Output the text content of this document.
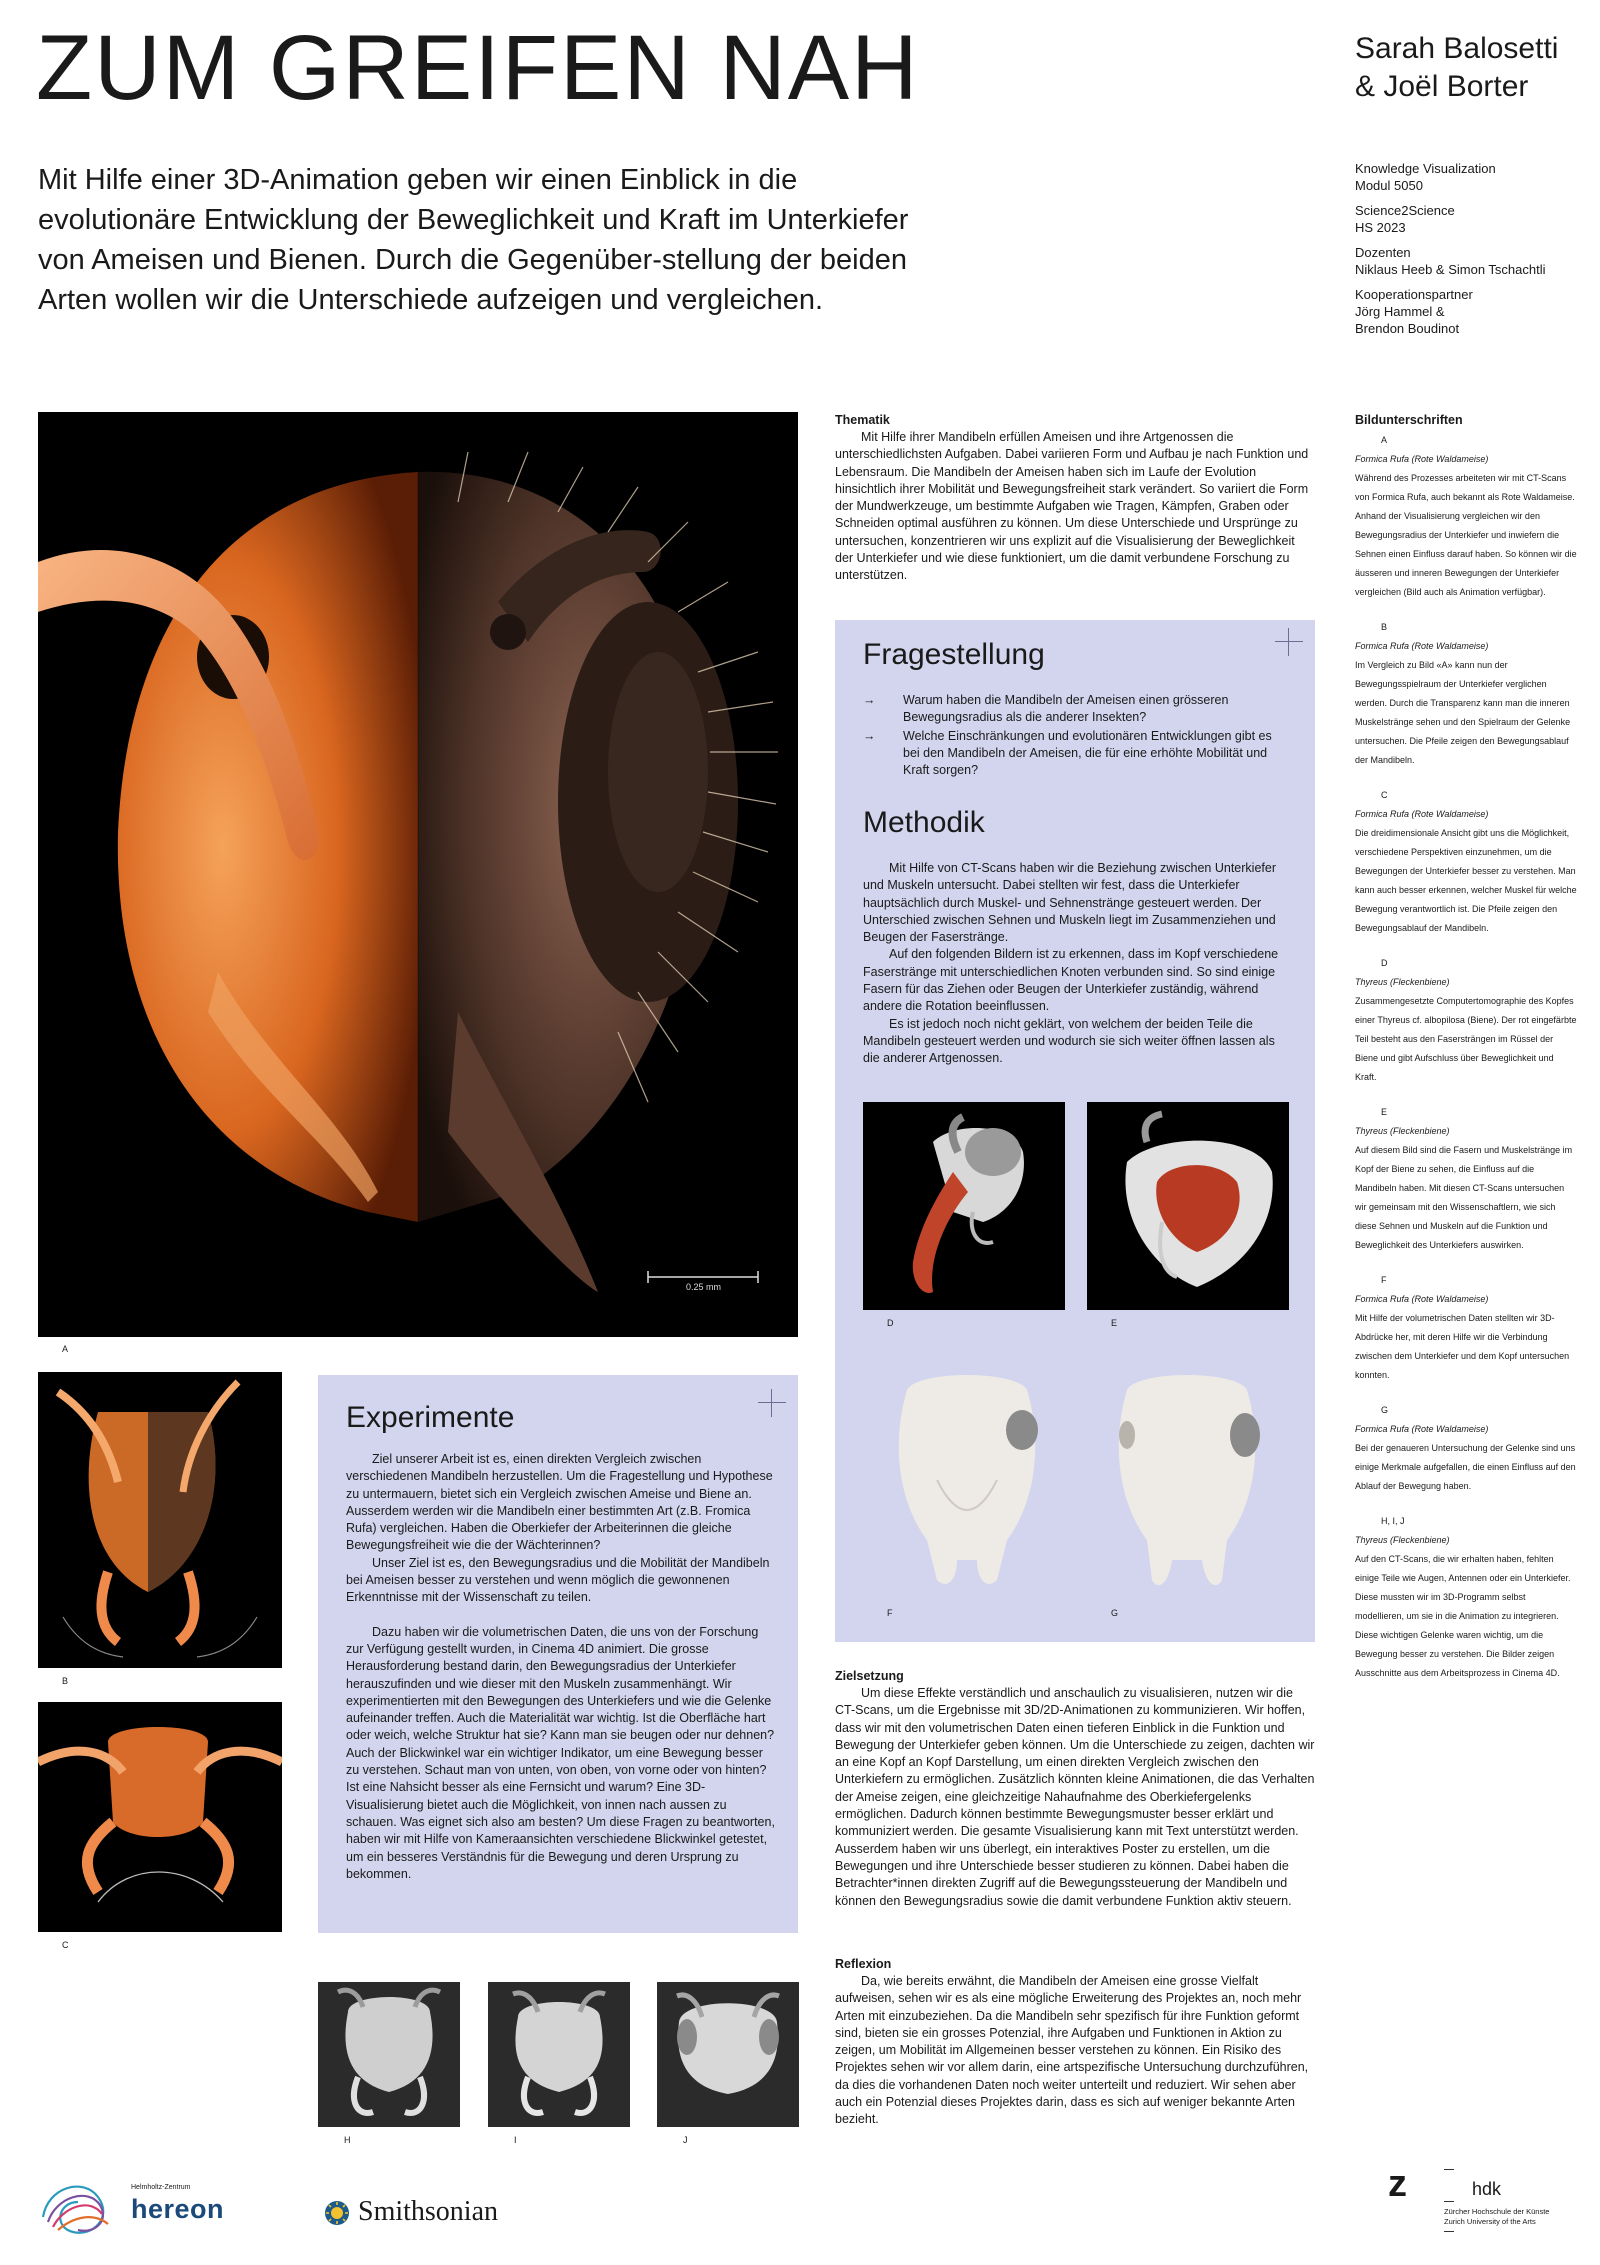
ZUM GREIFEN NAH	Sarah Balosetti
& Joël Borter

Mit Hilfe einer 3D-Animation geben wir einen Einblick in die evolutionäre Entwicklung der Beweglichkeit und Kraft im Unterkiefer von Ameisen und Bienen. Durch die Gegenüber-stellung der beiden Arten wollen wir die Unterschiede aufzeigen und vergleichen.

Knowledge Visualization
Modul 5050

Science2Science
HS 2023

Dozenten
Niklaus Heeb & Simon Tschachtli

Kooperationspartner
Jörg Hammel &
Brendon Boudinot

0.25 mm
A
B
C
Experimente

Ziel unserer Arbeit ist es, einen direkten Vergleich zwischen verschiedenen Mandibeln herzustellen. Um die Fragestellung und Hypothese zu untermauern, bietet sich ein Vergleich zwischen Ameise und Biene an. Ausserdem werden wir die Mandibeln einer bestimmten Art (z.B. Fromica Rufa) vergleichen. Haben die Oberkiefer der Arbeiterinnen die gleiche Bewegungsfreiheit wie die der Wächterinnen?

Unser Ziel ist es, den Bewegungsradius und die Mobilität der Mandibeln bei Ameisen besser zu verstehen und wenn möglich die gewonnenen Erkenntnisse mit der Wissenschaft zu teilen.

Dazu haben wir die volumetrischen Daten, die uns von der Forschung zur Verfügung gestellt wurden, in Cinema 4D animiert. Die grosse Herausforderung bestand darin, den Bewegungsradius der Unterkiefer herauszufinden und wie dieser mit den Muskeln zusammenhängt. Wir experimentierten mit den Bewegungen des Unterkiefers und wie die Gelenke aufeinander treffen. Auch die Materialität war wichtig. Ist die Oberfläche hart oder weich, welche Struktur hat sie? Kann man sie beugen oder nur dehnen? Auch der Blickwinkel war ein wichtiger Indikator, um eine Bewegung besser zu verstehen. Schaut man von unten, von oben, von vorne oder von hinten? Ist eine Nahsicht besser als eine Fernsicht und warum? Eine 3D-Visualisierung bietet auch die Möglichkeit, von innen nach aussen zu schauen. Was eignet sich also am besten? Um diese Fragen zu beantworten, haben wir mit Hilfe von Kameraansichten verschiedene Blickwinkel getestet, um ein besseres Verständnis für die Bewegung und deren Ursprung zu bekommen.

H	I	J
Thematik

Mit Hilfe ihrer Mandibeln erfüllen Ameisen und ihre Artgenossen die unterschiedlichsten Aufgaben. Dabei variieren Form und Aufbau je nach Funktion und Lebensraum. Die Mandibeln der Ameisen haben sich im Laufe der Evolution hinsichtlich ihrer Mobilität und Bewegungsfreiheit stark verändert. So variiert die Form der Mundwerkzeuge, um bestimmte Aufgaben wie Tragen, Kämpfen, Graben oder Schneiden optimal ausführen zu können. Um diese Unterschiede und Ursprünge zu untersuchen, konzentrieren wir uns explizit auf die Visualisierung der Beweglichkeit der Unterkiefer und wie diese funktioniert, um die damit verbundene Forschung zu unterstützen.

Fragestellung
→ Warum haben die Mandibeln der Ameisen einen grösseren Bewegungsradius als die anderer Insekten?
→ Welche Einschränkungen und evolutionären Entwicklungen gibt es bei den Mandibeln der Ameisen, die für eine erhöhte Mobilität und Kraft sorgen?
Methodik

Mit Hilfe von CT-Scans haben wir die Beziehung zwischen Unterkiefer und Muskeln untersucht. Dabei stellten wir fest, dass die Unterkiefer hauptsächlich durch Muskel- und Sehnenstränge gesteuert werden. Der Unterschied zwischen Sehnen und Muskeln liegt im Zusammenziehen und Beugen der Faserstränge.

Auf den folgenden Bildern ist zu erkennen, dass im Kopf verschiedene Faserstränge mit unterschiedlichen Knoten verbunden sind. So sind einige Fasern für das Ziehen oder Beugen der Unterkiefer zuständig, während andere die Rotation beeinflussen.

Es ist jedoch noch nicht geklärt, von welchem der beiden Teile die Mandibeln gesteuert werden und wodurch sie sich weiter öffnen lassen als die anderer Artgenossen.

D	E
F	G
Zielsetzung

Um diese Effekte verständlich und anschaulich zu visualisieren, nutzen wir die CT-Scans, um die Ergebnisse mit 3D/2D-Animationen zu kommunizieren. Wir hoffen, dass wir mit den volumetrischen Daten einen tieferen Einblick in die Funktion und Bewegung der Unterkiefer geben können. Um die Unterschiede zu zeigen, dachten wir an eine Kopf an Kopf Darstellung, um einen direkten Vergleich zwischen den Unterkiefern zu ermöglichen. Zusätzlich könnten kleine Animationen, die das Verhalten der Ameise zeigen, eine gleichzeitige Nahaufnahme des Oberkiefergelenks ermöglichen. Dadurch können bestimmte Bewegungsmuster besser erklärt und kommuniziert werden. Die gesamte Visualisierung kann mit Text unterstützt werden. Ausserdem haben wir uns überlegt, ein interaktives Poster zu erstellen, um die Bewegungen und ihre Unterschiede besser studieren zu können. Dabei haben die Betrachter*innen direkten Zugriff auf die Bewegungssteuerung der Mandibeln und können den Bewegungsradius sowie die damit verbundene Funktion aktiv steuern.

Reflexion

Da, wie bereits erwähnt, die Mandibeln der Ameisen eine grosse Vielfalt aufweisen, sehen wir es als eine mögliche Erweiterung des Projektes an, noch mehr Arten mit einzubeziehen. Da die Mandibeln sehr spezifisch für ihre Funktion geformt sind, bieten sie ein grosses Potenzial, ihre Aufgaben und Funktionen in Aktion zu zeigen, um Mobilität im Allgemeinen besser verstehen zu können. Ein Risiko des Projektes sehen wir vor allem darin, eine artspezifische Untersuchung durchzuführen, da dies die vorhandenen Daten noch weiter unterteilt und reduziert. Wir sehen aber auch ein Potenzial dieses Projektes darin, dass es sich auf weniger bekannte Arten bezieht.

Bildunterschriften
A
Formica Rufa (Rote Waldameise)
Während des Prozesses arbeiteten wir mit CT-Scans von Formica Rufa, auch bekannt als Rote Waldameise. Anhand der Visualisierung vergleichen wir den Bewegungsradius der Unterkiefer und inwiefern die Sehnen einen Einfluss darauf haben. So können wir die äusseren und inneren Bewegungen der Unterkiefer vergleichen (Bild auch als Animation verfügbar).
B
Formica Rufa (Rote Waldameise)
Im Vergleich zu Bild «A» kann nun der Bewegungsspielraum der Unterkiefer verglichen werden. Durch die Transparenz kann man die inneren Muskelstränge sehen und den Spielraum der Gelenke untersuchen. Die Pfeile zeigen den Bewegungsablauf der Mandibeln.
C
Formica Rufa (Rote Waldameise)
Die dreidimensionale Ansicht gibt uns die Möglichkeit, verschiedene Perspektiven einzunehmen, um die Bewegungen der Unterkiefer besser zu verstehen. Man kann auch besser erkennen, welcher Muskel für welche Bewegung verantwortlich ist. Die Pfeile zeigen den Bewegungsablauf der Mandibeln.
D
Thyreus (Fleckenbiene)
Zusammengesetzte Computertomographie des Kopfes einer Thyreus cf. albopilosa (Biene). Der rot eingefärbte Teil besteht aus den Fasersträngen im Rüssel der Biene und gibt Aufschluss über Beweglichkeit und Kraft.
E
Thyreus (Fleckenbiene)
Auf diesem Bild sind die Fasern und Muskelstränge im Kopf der Biene zu sehen, die Einfluss auf die Mandibeln haben. Mit diesen CT-Scans untersuchen wir gemeinsam mit den Wissenschaftlern, wie sich diese Sehnen und Muskeln auf die Funktion und Beweglichkeit des Unterkiefers auswirken.
F
Formica Rufa (Rote Waldameise)
Mit Hilfe der volumetrischen Daten stellten wir 3D-Abdrücke her, mit deren Hilfe wir die Verbindung zwischen dem Unterkiefer und dem Kopf untersuchen konnten.
G
Formica Rufa (Rote Waldameise)
Bei der genaueren Untersuchung der Gelenke sind uns einige Merkmale aufgefallen, die einen Einfluss auf den Ablauf der Bewegung haben.
H, I, J
Thyreus (Fleckenbiene)
Auf den CT-Scans, die wir erhalten haben, fehlten einige Teile wie Augen, Antennen oder ein Unterkiefer. Diese mussten wir im 3D-Programm selbst modellieren, um sie in die Animation zu integrieren. Diese wichtigen Gelenke waren wichtig, um die Bewegung besser zu verstehen. Die Bilder zeigen Ausschnitte aus dem Arbeitsprozess in Cinema 4D.
Helmholtz-Zentrum
hereon	Smithsonian
z	hdk
Zürcher Hochschule der Künste
Zurich University of the Arts
